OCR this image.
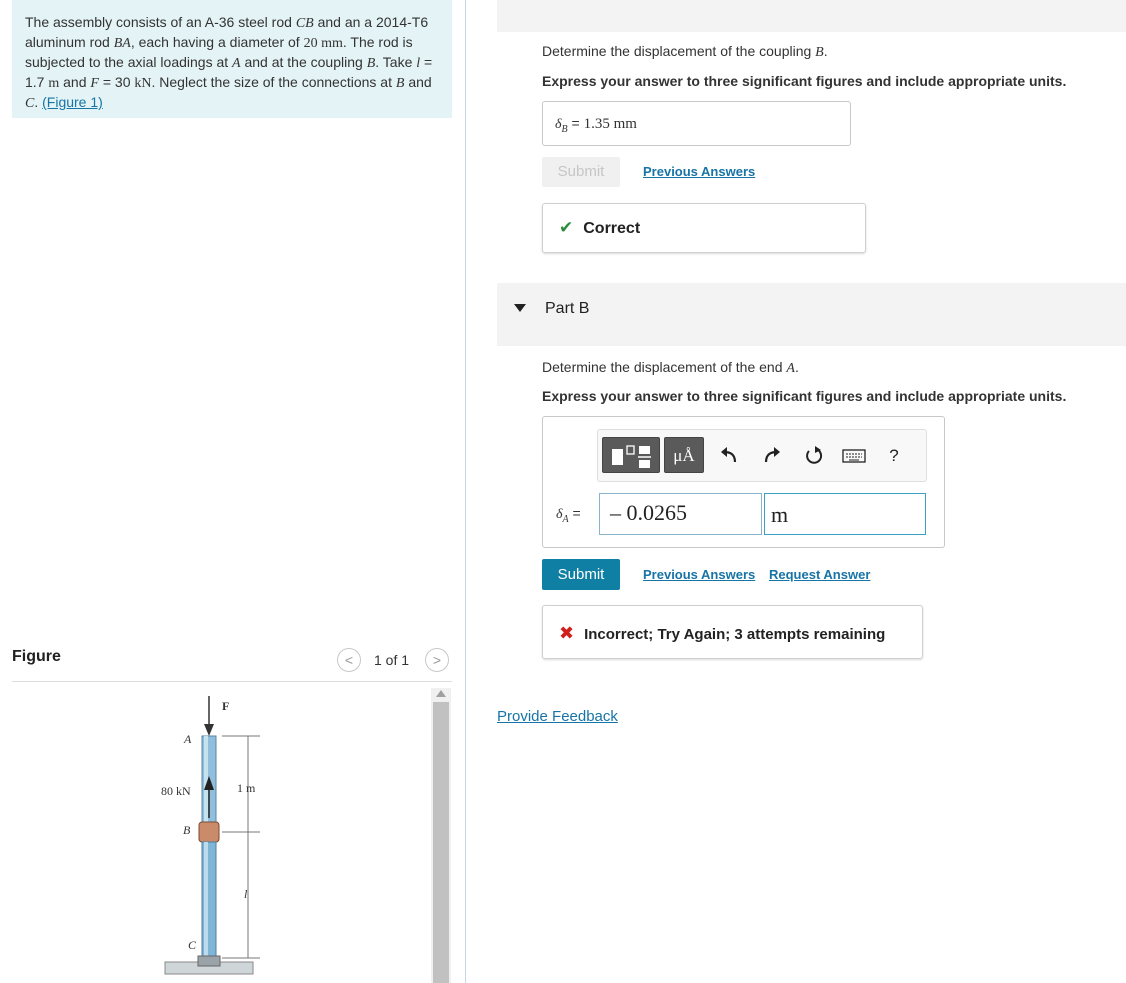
The assembly consists of an A-36 steel rod CB and an a 2014-T6 aluminum rod BA, each having a diameter of 20 mm. The rod is subjected to the axial loadings at A and at the coupling B. Take l = 1.7 m and F = 30 kN. Neglect the size of the connections at B and C. (Figure 1)
Figure	<	1 of 1	>
F
A
80 kN
B
C
1 m
l
Determine the displacement of the coupling B.
Express your answer to three significant figures and include appropriate units.
$\delta_B = 1.35$ mm
Submit	Previous Answers
✔ Correct
Part B
Determine the displacement of the end A.
Express your answer to three significant figures and include appropriate units.
μÅ	?
$\delta_A$ =	– 0.0265	m
Submit	Previous Answers Request Answer
✖ Incorrect; Try Again; 3 attempts remaining
Provide Feedback
